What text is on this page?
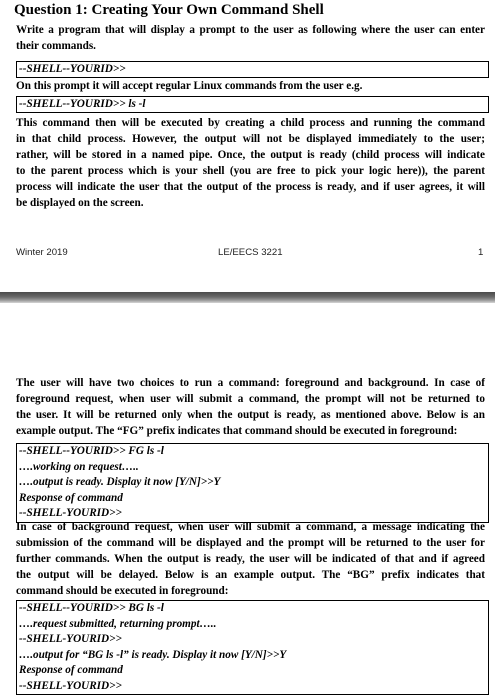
Question 1: Creating Your Own Command Shell

Write a program that will display a prompt to the user as following where the user can enter
their commands.

--SHELL--YOURID>>

On this prompt it will accept regular Linux commands from the user e.g.

--SHELL--YOURID>> ls -l

This command then will be executed by creating a child process and running the command
in that child process. However, the output will not be displayed immediately to the user;
rather, will be stored in a named pipe. Once, the output is ready (child process will indicate
to the parent process which is your shell (you are free to pick your logic here)), the parent
process will indicate the user that the output of the process is ready, and if user agrees, it will
be displayed on the screen.

Winter 2019	LE/EECS 3221	1

The user will have two choices to run a command: foreground and background. In case of
foreground request, when user will submit a command, the prompt will not be returned to
the user. It will be returned only when the output is ready, as mentioned above. Below is an
example output. The “FG” prefix indicates that command should be executed in foreground:

--SHELL--YOURID>> FG ls -l
….working on request…..
….output is ready. Display it now [Y/N]>>Y
Response of command
--SHELL-YOURID>>

In case of background request, when user will submit a command, a message indicating the
submission of the command will be displayed and the prompt will be returned to the user for
further commands. When the output is ready, the user will be indicated of that and if agreed
the output will be delayed. Below is an example output. The “BG” prefix indicates that
command should be executed in foreground:

--SHELL--YOURID>> BG ls -l
….request submitted, returning prompt…..
--SHELL-YOURID>>
….output for “BG ls -l” is ready. Display it now [Y/N]>>Y
Response of command
--SHELL-YOURID>>
